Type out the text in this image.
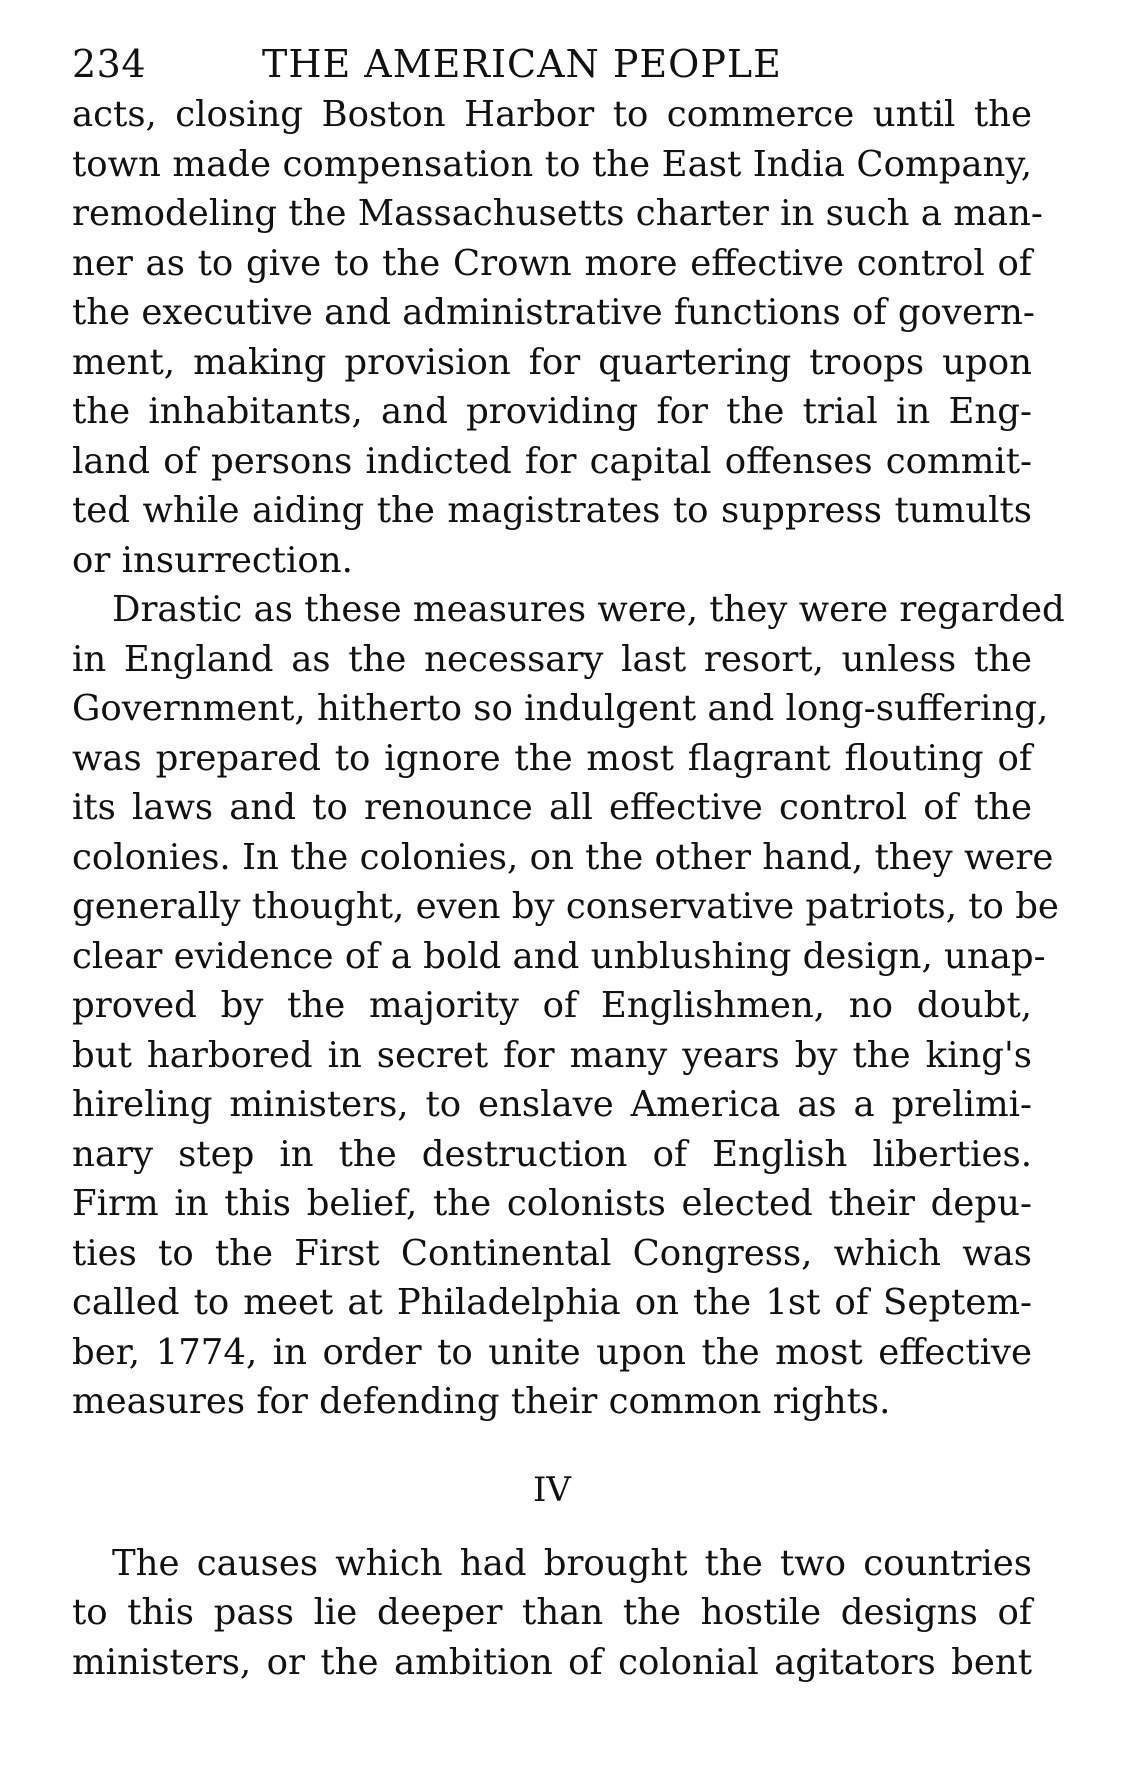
234	THE AMERICAN PEOPLE
acts, closing Boston Harbor to commerce until the
town made compensation to the East India Company,
remodeling the Massachusetts charter in such a man-
ner as to give to the Crown more effective control of
the executive and administrative functions of govern-
ment, making provision for quartering troops upon
the inhabitants, and providing for the trial in Eng-
land of persons indicted for capital offenses commit-
ted while aiding the magistrates to suppress tumults
or insurrection.
Drastic as these measures were, they were regarded
in England as the necessary last resort, unless the
Government, hitherto so indulgent and long-suffering,
was prepared to ignore the most flagrant flouting of
its laws and to renounce all effective control of the
colonies. In the colonies, on the other hand, they were
generally thought, even by conservative patriots, to be
clear evidence of a bold and unblushing design, unap-
proved by the majority of Englishmen, no doubt,
but harbored in secret for many years by the king's
hireling ministers, to enslave America as a prelimi-
nary step in the destruction of English liberties.
Firm in this belief, the colonists elected their depu-
ties to the First Continental Congress, which was
called to meet at Philadelphia on the 1st of Septem-
ber, 1774, in order to unite upon the most effective
measures for defending their common rights.
IV
The causes which had brought the two countries
to this pass lie deeper than the hostile designs of
ministers, or the ambition of colonial agitators bent
